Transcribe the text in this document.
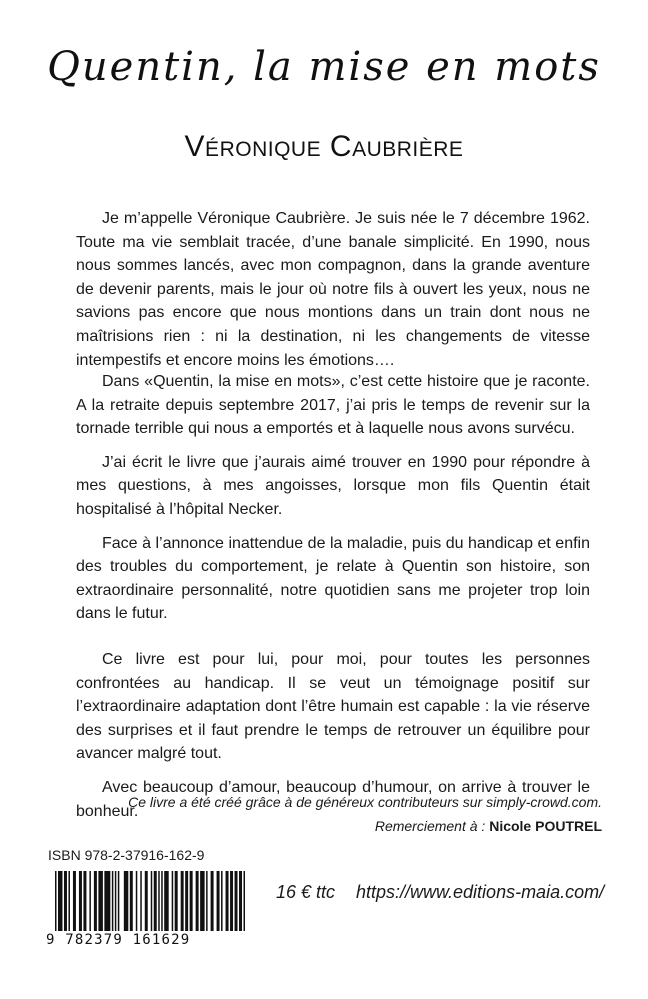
Quentin, la mise en mots
Véronique Caubrière

Je m’appelle Véronique Caubrière. Je suis née le 7 décembre 1962. Toute ma vie semblait tracée, d’une banale simplicité. En 1990, nous nous sommes lancés, avec mon compagnon, dans la grande aventure de devenir parents, mais le jour où notre fils à ouvert les yeux, nous ne savions pas encore que nous montions dans un train dont nous ne maîtrisions rien : ni la destination, ni les changements de vitesse intempestifs et encore moins les émotions….

Dans «Quentin, la mise en mots», c’est cette histoire que je raconte. A la retraite depuis septembre 2017, j’ai pris le temps de revenir sur la tornade terrible qui nous a emportés et à laquelle nous avons survécu.

J’ai écrit le livre que j’aurais aimé trouver en 1990 pour répondre à mes questions, à mes angoisses, lorsque mon fils Quentin était hospitalisé à l’hôpital Necker.

Face à l’annonce inattendue de la maladie, puis du handicap et enfin des troubles du comportement, je relate à Quentin son histoire, son extraordinaire personnalité, notre quotidien sans me projeter trop loin dans le futur.

Ce livre est pour lui, pour moi, pour toutes les personnes confrontées au handicap. Il se veut un témoignage positif sur l’extraordinaire adaptation dont l’être humain est capable : la vie réserve des surprises et il faut prendre le temps de retrouver un équilibre pour avancer malgré tout.

Avec beaucoup d’amour, beaucoup d’humour, on arrive à trouver le bonheur.

Ce livre a été créé grâce à de généreux contributeurs sur simply-crowd.com.
Remerciement à : Nicole POUTREL
ISBN 978-2-37916-162-9
9 782379 161629
16 € ttc https://www.editions-maia.com/
